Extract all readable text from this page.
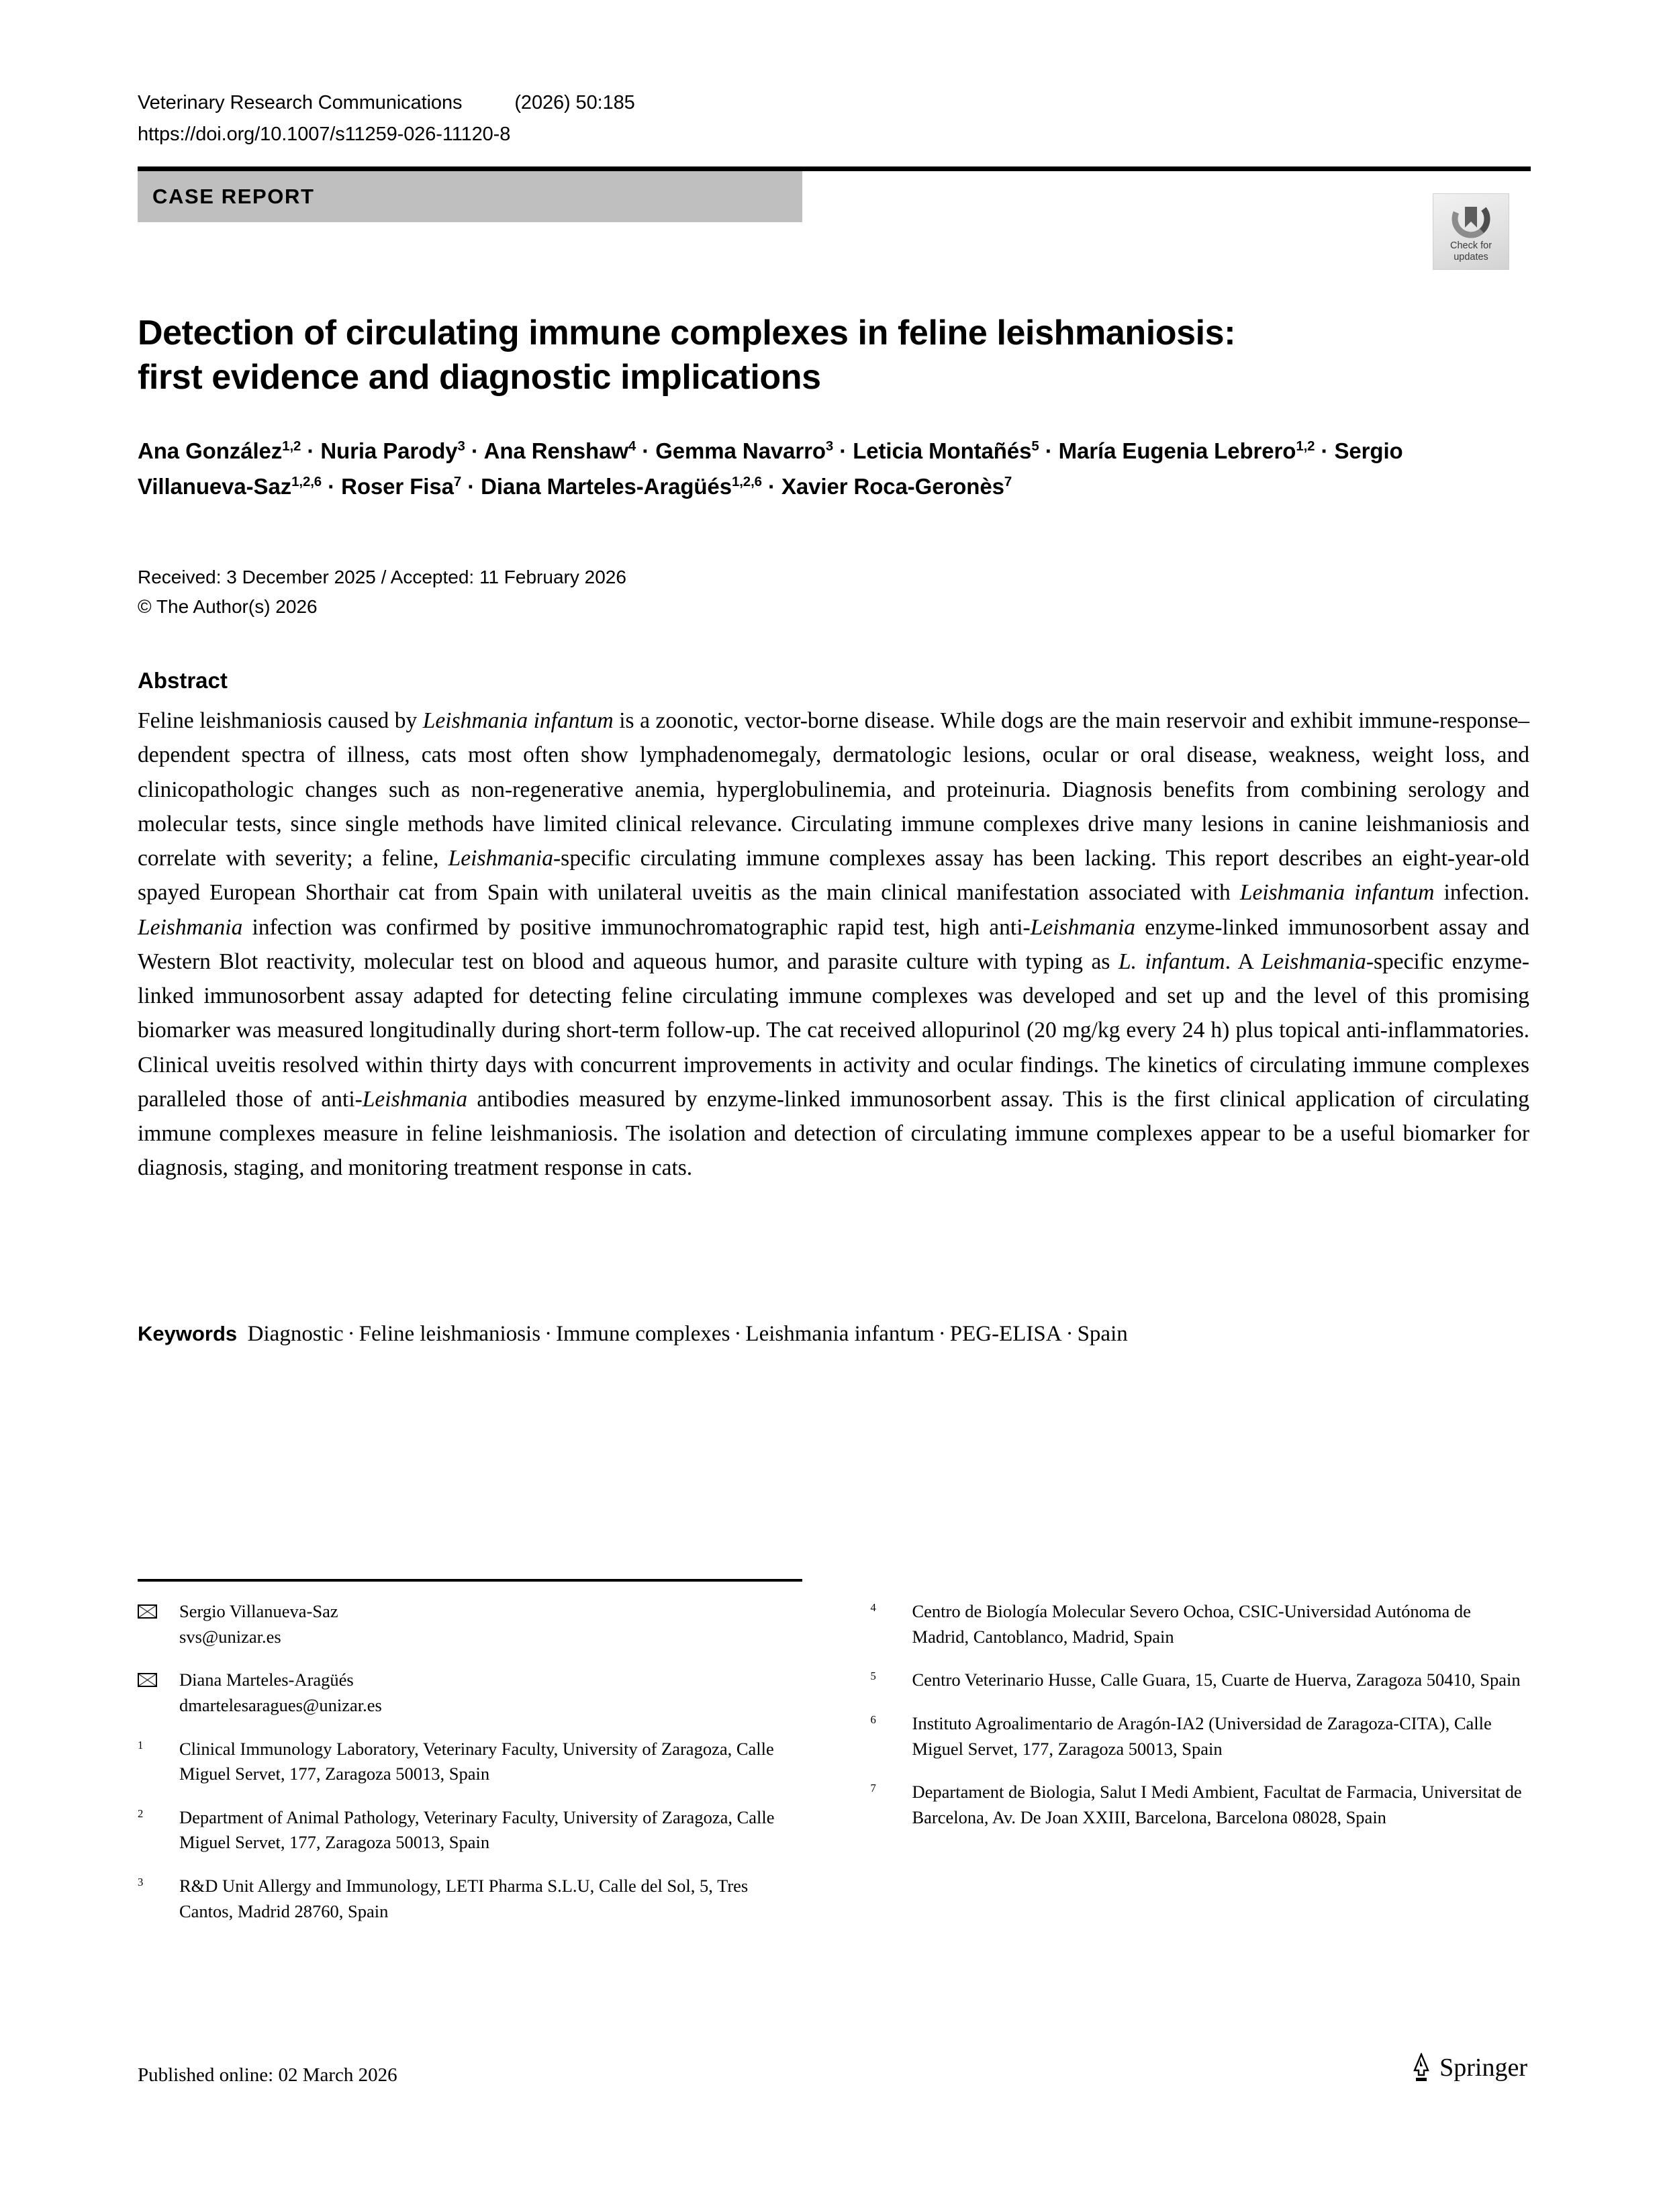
Veterinary Research Communications	(2026) 50:185
https://doi.org/10.1007/s11259-026-11120-8
CASE REPORT
Check for
updates
Detection of circulating immune complexes in feline leishmaniosis:
first evidence and diagnostic implications
Ana González$^{1,2}$ · Nuria Parody$^3$ · Ana Renshaw$^4$ · Gemma Navarro$^3$ · Leticia Montañés$^5$ · María Eugenia Lebrero$^{1,2}$ · Sergio Villanueva-Saz$^{1,2,6}$ · Roser Fisa$^7$ · Diana Marteles-Aragüés$^{1,2,6}$ · Xavier Roca-Geronès$^7$
Received: 3 December 2025 / Accepted: 11 February 2026
© The Author(s) 2026
Abstract
Feline leishmaniosis caused by Leishmania infantum is a zoonotic, vector-borne disease. While dogs are the main reservoir and exhibit immune-response–dependent spectra of illness, cats most often show lymphadenomegaly, dermatologic lesions, ocular or oral disease, weakness, weight loss, and clinicopathologic changes such as non-regenerative anemia, hyperglobulinemia, and proteinuria. Diagnosis benefits from combining serology and molecular tests, since single methods have limited clinical relevance. Circulating immune complexes drive many lesions in canine leishmaniosis and correlate with severity; a feline, Leishmania-specific circulating immune complexes assay has been lacking. This report describes an eight-year-old spayed European Shorthair cat from Spain with unilateral uveitis as the main clinical manifestation associated with Leishmania infantum infection. Leishmania infection was confirmed by positive immunochromatographic rapid test, high anti-Leishmania enzyme-linked immunosorbent assay and Western Blot reactivity, molecular test on blood and aqueous humor, and parasite culture with typing as L. infantum. A Leishmania-specific enzyme-linked immunosorbent assay adapted for detecting feline circulating immune complexes was developed and set up and the level of this promising biomarker was measured longitudinally during short-term follow-up. The cat received allopurinol (20 mg/kg every 24 h) plus topical anti-inflammatories. Clinical uveitis resolved within thirty days with concurrent improvements in activity and ocular findings. The kinetics of circulating immune complexes paralleled those of anti-Leishmania antibodies measured by enzyme-linked immunosorbent assay. This is the first clinical application of circulating immune complexes measure in feline leishmaniosis. The isolation and detection of circulating immune complexes appear to be a useful biomarker for diagnosis, staging, and monitoring treatment response in cats.
Keywords Diagnostic · Feline leishmaniosis · Immune complexes · Leishmania infantum · PEG-ELISA · Spain
Sergio Villanueva-Saz
svs@unizar.es
Diana Marteles-Aragüés
dmartelesaragues@unizar.es
$^1$	Clinical Immunology Laboratory, Veterinary Faculty, University of Zaragoza, Calle Miguel Servet, 177, Zaragoza 50013, Spain
$^2$	Department of Animal Pathology, Veterinary Faculty, University of Zaragoza, Calle Miguel Servet, 177, Zaragoza 50013, Spain
$^3$	R&D Unit Allergy and Immunology, LETI Pharma S.L.U, Calle del Sol, 5, Tres Cantos, Madrid 28760, Spain
$^4$	Centro de Biología Molecular Severo Ochoa, CSIC-Universidad Autónoma de Madrid, Cantoblanco, Madrid, Spain
$^5$	Centro Veterinario Husse, Calle Guara, 15, Cuarte de Huerva, Zaragoza 50410, Spain
$^6$	Instituto Agroalimentario de Aragón-IA2 (Universidad de Zaragoza-CITA), Calle Miguel Servet, 177, Zaragoza 50013, Spain
$^7$	Departament de Biologia, Salut I Medi Ambient, Facultat de Farmacia, Universitat de Barcelona, Av. De Joan XXIII, Barcelona, Barcelona 08028, Spain
Published online: 02 March 2026	Springer
